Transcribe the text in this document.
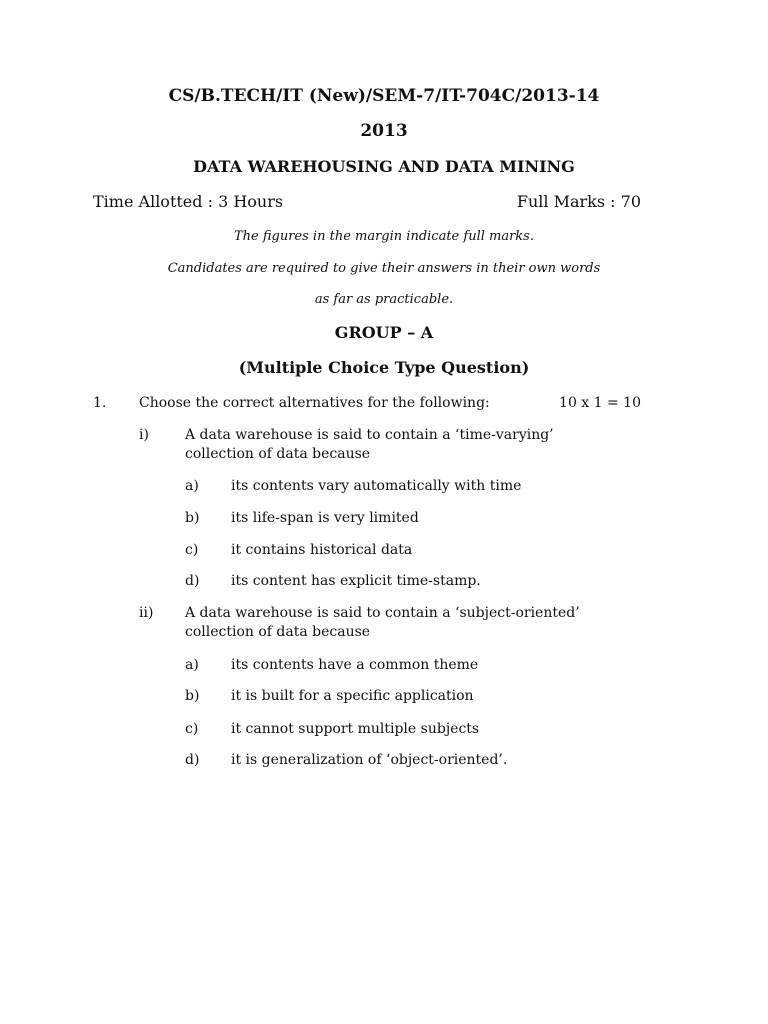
CS/B.TECH/IT (New)/SEM-7/IT-704C/2013-14
2013
DATA WAREHOUSING AND DATA MINING
Time Allotted : 3 Hours	Full Marks : 70
The figures in the margin indicate full marks.
Candidates are required to give their answers in their own words
as far as practicable.
GROUP – A
(Multiple Choice Type Question)
1. Choose the correct alternatives for the following:	10 x 1 = 10
i)	A data warehouse is said to contain a ‘time-varying’
collection of data because
a) its contents vary automatically with time
b) its life-span is very limited
c) it contains historical data
d) its content has explicit time-stamp.
ii) A data warehouse is said to contain a ‘subject-oriented’
collection of data because
a) its contents have a common theme
b) it is built for a specific application
c) it cannot support multiple subjects
d) it is generalization of ‘object-oriented’.
